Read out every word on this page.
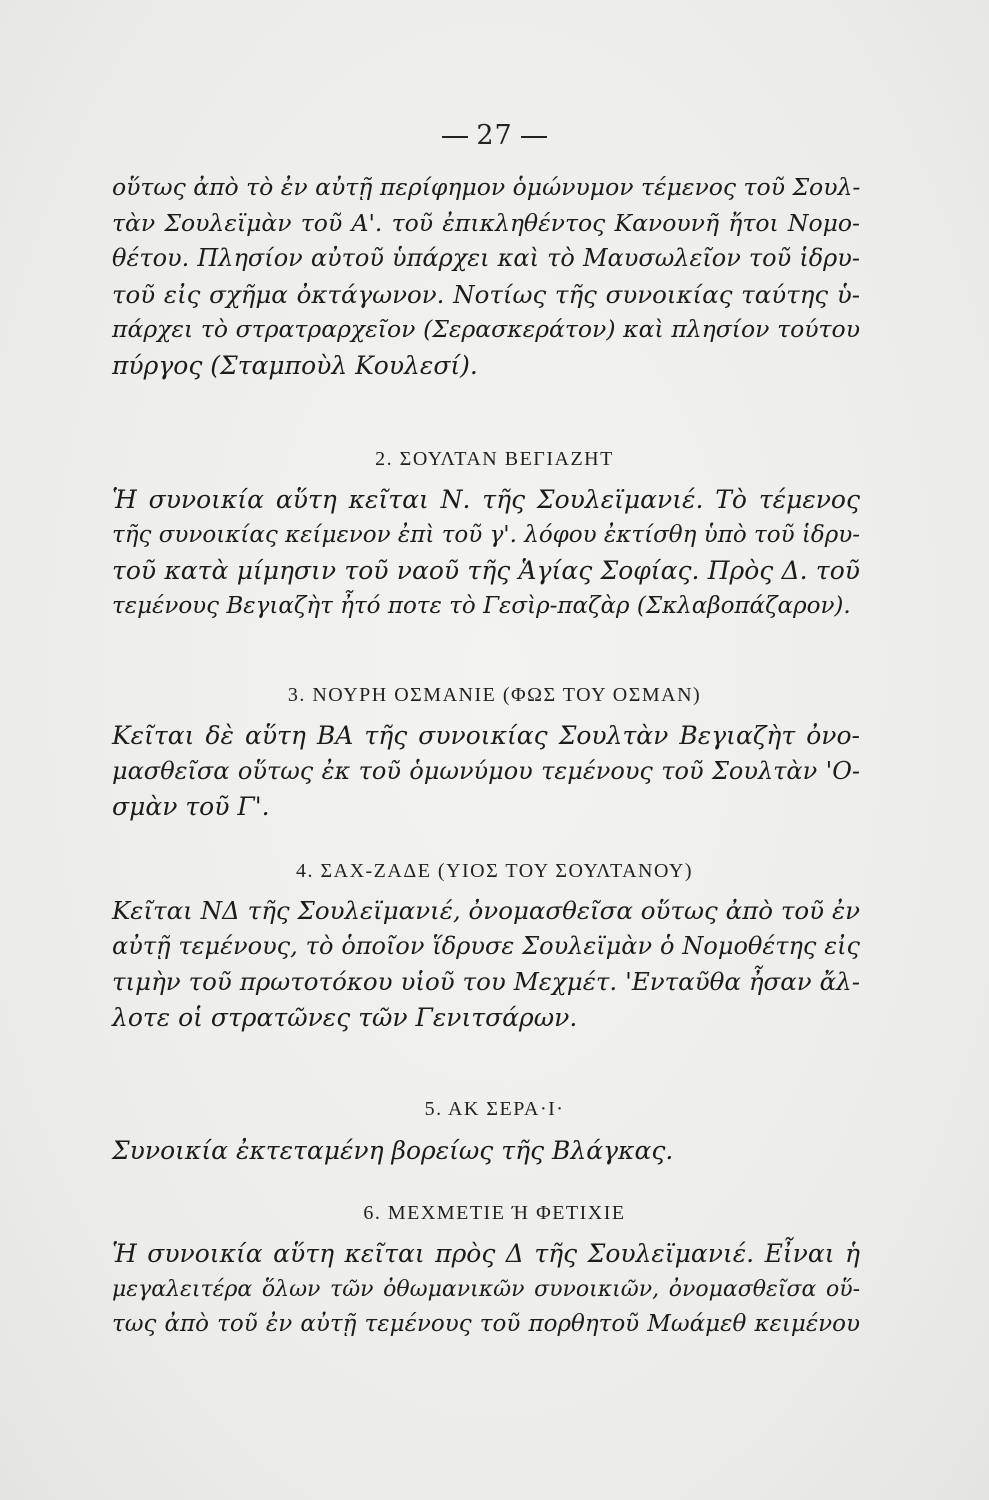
27
οὕτως ἀπὸ τὸ ἐν αὐτῇ περίφημον ὁμώνυμον τέμενος τοῦ Σουλ-
τὰν Σουλεϊμὰν τοῦ Α'. τοῦ ἐπικληθέντος Κανουνῆ ἤτοι Νομο-
θέτου. Πλησίον αὐτοῦ ὑπάρχει καὶ τὸ Μαυσωλεῖον τοῦ ἱδρυ-
τοῦ εἰς σχῆμα ὀκτάγωνον. Νοτίως τῆς συνοικίας ταύτης ὑ-
πάρχει τὸ στρατραρχεῖον (Σερασκεράτον) καὶ πλησίον τούτου
πύργος (Σταμποὺλ Κουλεσί).
2. ΣΟΥΛΤΑΝ ΒΕΓΙΑΖΗΤ
Ἡ συνοικία αὕτη κεῖται Ν. τῆς Σουλεϊμανιέ. Τὸ τέμενος
τῆς συνοικίας κείμενον ἐπὶ τοῦ γ'. λόφου ἐκτίσθη ὑπὸ τοῦ ἱδρυ-
τοῦ κατὰ μίμησιν τοῦ ναοῦ τῆς Ἁγίας Σοφίας. Πρὸς Δ. τοῦ
τεμένους Βεγιαζὴτ ἦτό ποτε τὸ Γεσὶρ-παζὰρ (Σκλαβοπάζαρον).
3. ΝΟΥΡΗ ΟΣΜΑΝΙΕ (ΦΩΣ ΤΟΥ ΟΣΜΑΝ)
Κεῖται δὲ αὕτη ΒΑ τῆς συνοικίας Σουλτὰν Βεγιαζὴτ ὀνο-
μασθεῖσα οὕτως ἐκ τοῦ ὁμωνύμου τεμένους τοῦ Σουλτὰν 'Ο-
σμὰν τοῦ Γ'.
4. ΣΑΧ-ΖΑΔΕ (ΥΙΟΣ ΤΟΥ ΣΟΥΛΤΑΝΟΥ)
Κεῖται ΝΔ τῆς Σουλεϊμανιέ, ὀνομασθεῖσα οὕτως ἀπὸ τοῦ ἐν
αὐτῇ τεμένους, τὸ ὁποῖον ἵδρυσε Σουλεϊμὰν ὁ Νομοθέτης εἰς
τιμὴν τοῦ πρωτοτόκου υἱοῦ του Μεχμέτ. 'Ενταῦθα ἦσαν ἄλ-
λοτε οἱ στρατῶνες τῶν Γενιτσάρων.
5. ΑΚ ΣΕΡΑ·Ι·
Συνοικία ἐκτεταμένη βορείως τῆς Βλάγκας.
6. ΜΕΧΜΕΤΙΕ Ή ΦΕΤΙΧΙΕ
Ἡ συνοικία αὕτη κεῖται πρὸς Δ τῆς Σουλεϊμανιέ. Εἶναι ἡ
μεγαλειτέρα ὅλων τῶν ὀθωμανικῶν συνοικιῶν, ὀνομασθεῖσα οὕ-
τως ἀπὸ τοῦ ἐν αὐτῇ τεμένους τοῦ πορθητοῦ Μωάμεθ κειμένου
